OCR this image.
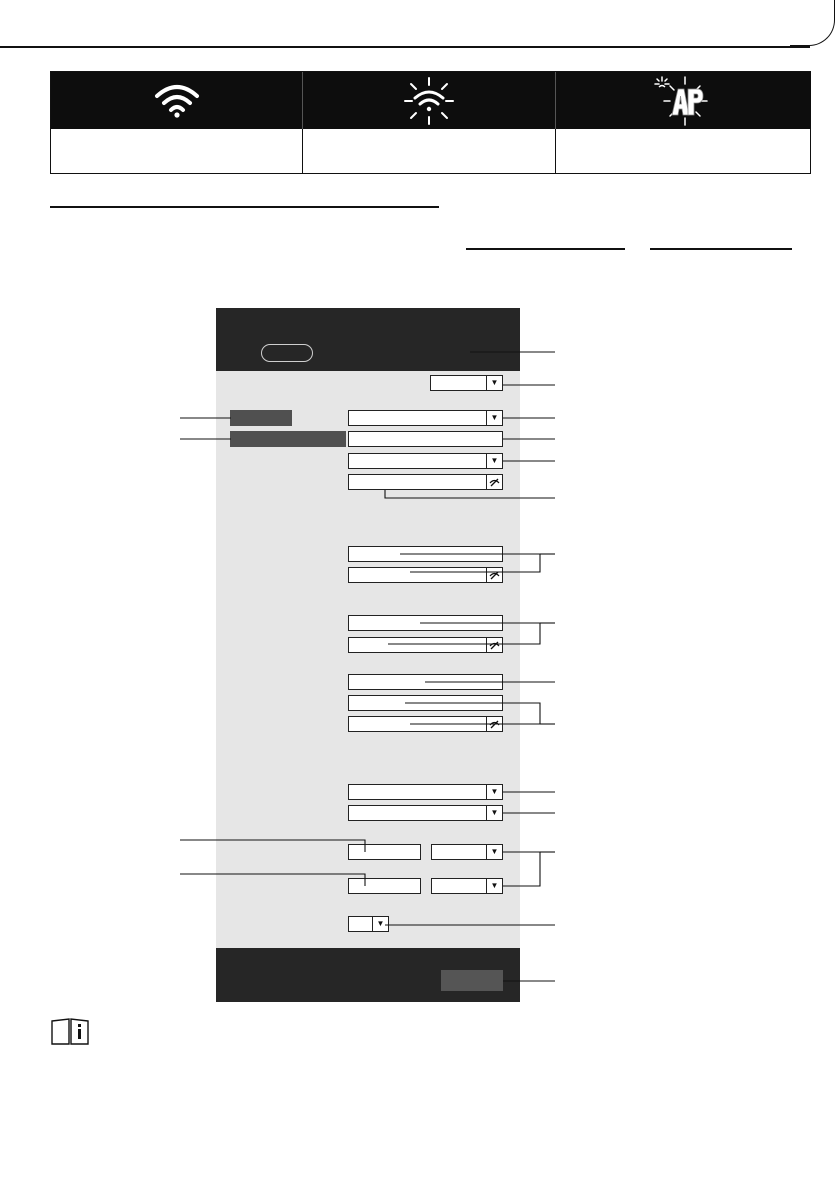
▼
▼
▼
▼
▼
▼
▼
▼
